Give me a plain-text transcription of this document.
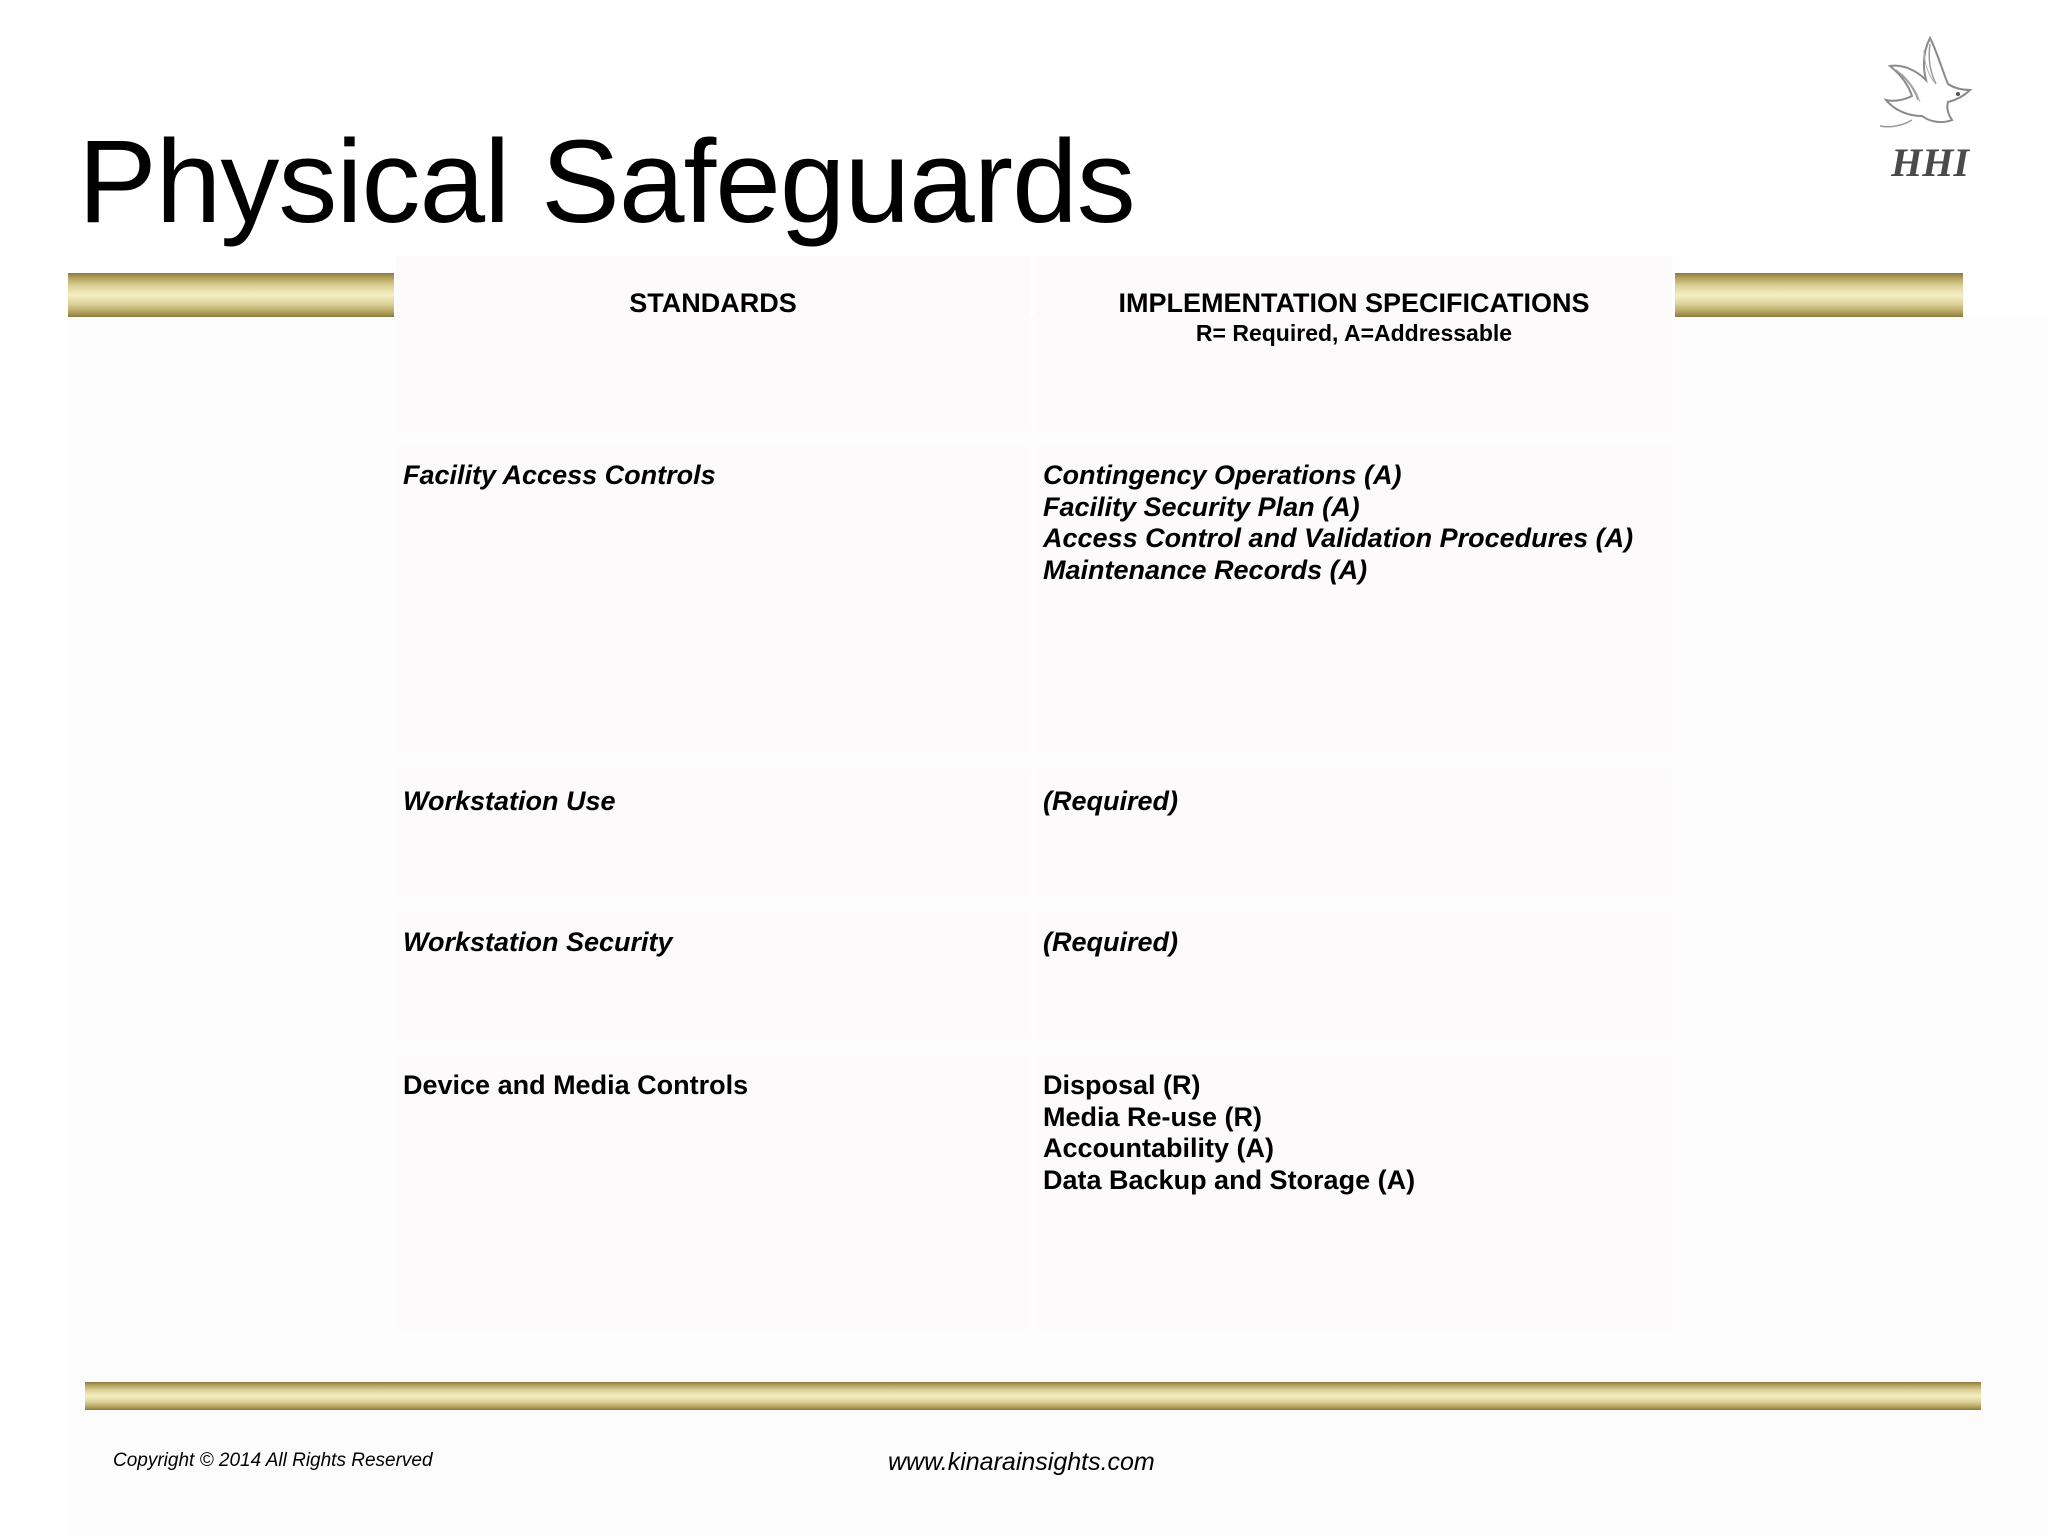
Physical Safeguards	HHI
STANDARDS	IMPLEMENTATION SPECIFICATIONS
R= Required, A=Addressable
Facility Access Controls	Contingency Operations (A)
Facility Security Plan (A)
Access Control and Validation Procedures (A)
Maintenance Records (A)
Workstation Use	(Required)
Workstation Security	(Required)
Device and Media Controls	Disposal (R)
Media Re-use (R)
Accountability (A)
Data Backup and Storage (A)
Copyright © 2014 All Rights Reserved	www.kinarainsights.com
